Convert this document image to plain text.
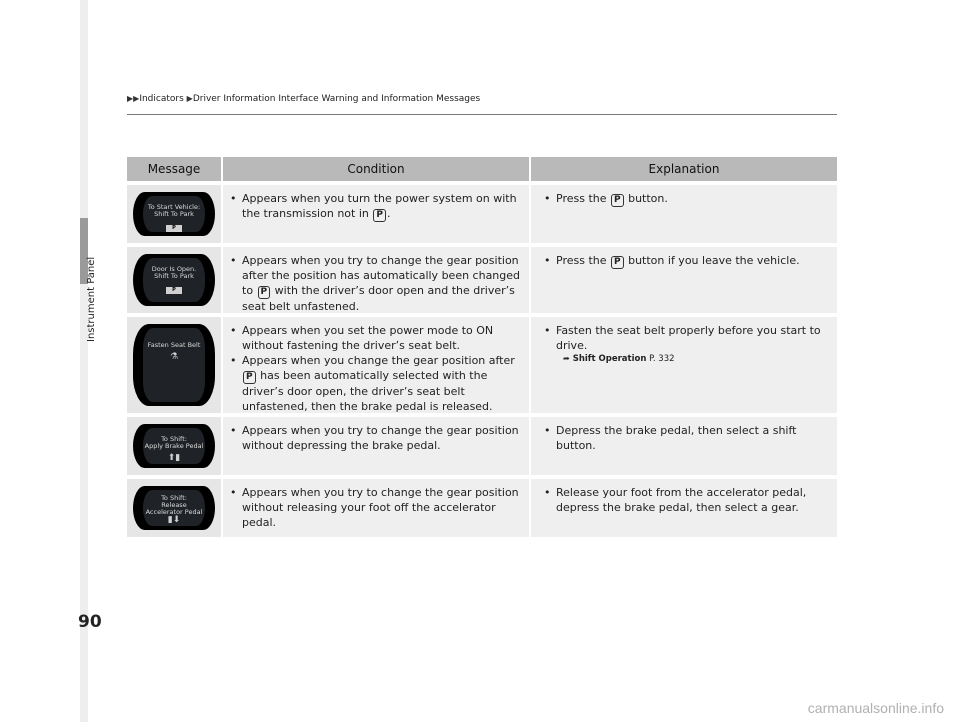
Instrument Panel
▶▶Indicators ▶Driver Information Interface Warning and Information Messages
Message	Condition	Explanation
To Start Vehicle:
Shift To Park
P
• Appears when you turn the power system on with the transmission not in P .
• Press the P button.
Door Is Open.
Shift To Park
P
• Appears when you try to change the gear position after the position has automatically been changed to P with the driver’s door open and the driver’s seat belt unfastened.
• Press the P button if you leave the vehicle.
Fasten Seat Belt
⚗
• Appears when you set the power mode to ON without fastening the driver’s seat belt.
• Appears when you change the gear position after P has been automatically selected with the driver’s door open, the driver’s seat belt unfastened, then the brake pedal is released.
• Fasten the seat belt properly before you start to drive.
➦ Shift Operation P. 332
To Shift:
Apply Brake Pedal
⬆▮
• Appears when you try to change the gear position without depressing the brake pedal.
• Depress the brake pedal, then select a shift button.
To Shift:
Release
Accelerator Pedal
▮⬇
• Appears when you try to change the gear position without releasing your foot off the accelerator pedal.
• Release your foot from the accelerator pedal, depress the brake pedal, then select a gear.
90
carmanualsonline.info
